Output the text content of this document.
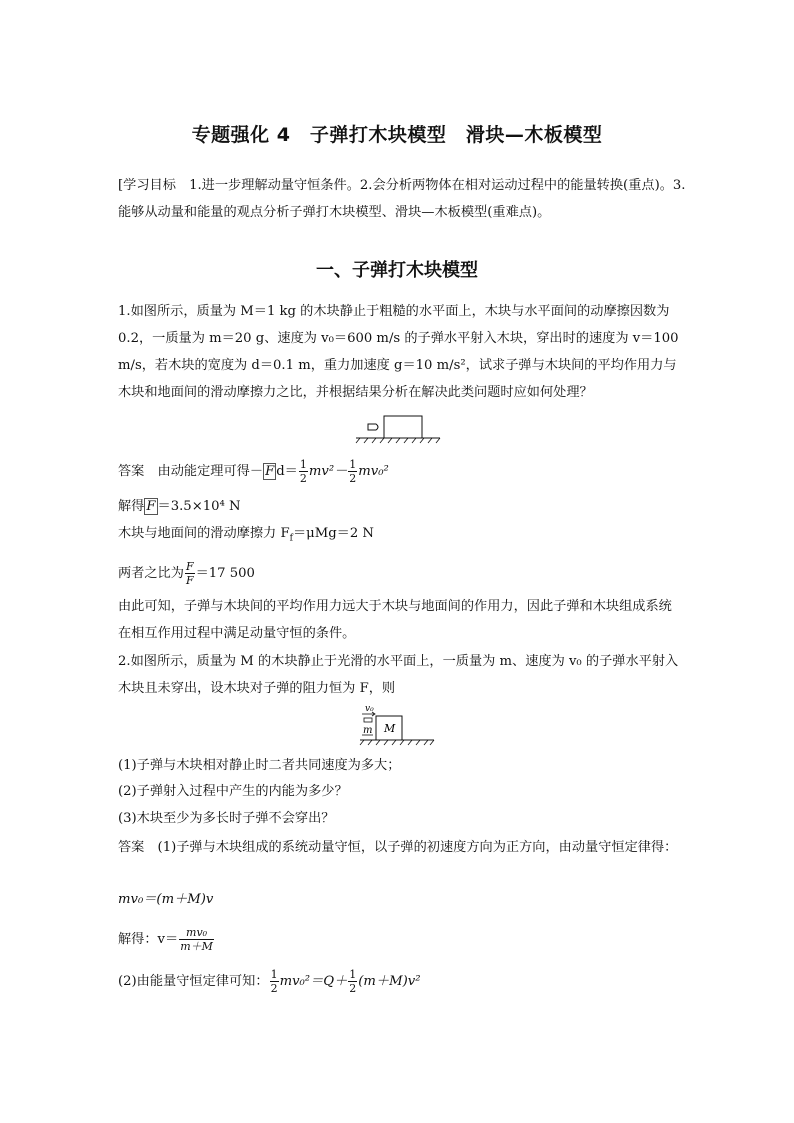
专题强化 4　子弹打木块模型　滑块—木板模型
[学习目标　1.进一步理解动量守恒条件。2.会分析两物体在相对运动过程中的能量转换(重点)。3.能够从动量和能量的观点分析子弹打木块模型、滑块—木板模型(重难点)。
一、子弹打木块模型
1.如图所示，质量为 M＝1 kg 的木块静止于粗糙的水平面上，木块与水平面间的动摩擦因数为 0.2，一质量为 m＝20 g、速度为 v₀＝600 m/s 的子弹水平射入木块，穿出时的速度为 v＝100 m/s，若木块的宽度为 d＝0.1 m，重力加速度 g＝10 m/s²，试求子弹与木块间的平均作用力与木块和地面间的滑动摩擦力之比，并根据结果分析在解决此类问题时应如何处理？
答案　由动能定理可得－ F $d= \frac{1}{2} mv^2- \frac{1}{2} mv_0^2$
解得 F ＝3.5×10⁴ N
木块与地面间的滑动摩擦力 $F_f=\mu Mg=2$ N
两者之比为 $\frac{F}{F} =17$ 500
由此可知，子弹与木块间的平均作用力远大于木块与地面间的作用力，因此子弹和木块组成系统在相互作用过程中满足动量守恒的条件。
2.如图所示，质量为 M 的木块静止于光滑的水平面上，一质量为 m、速度为 v₀ 的子弹水平射入木块且未穿出，设木块对子弹的阻力恒为 F，则
v₀
m M
(1)子弹与木块相对静止时二者共同速度为多大；
(2)子弹射入过程中产生的内能为多少？
(3)木块至少为多长时子弹不会穿出？
答案　(1)子弹与木块组成的系统动量守恒，以子弹的初速度方向为正方向，由动量守恒定律得：
mv₀＝(m＋M)v
解得：$v= \frac{\text{mv₀}}{m+M}$
(2)由能量守恒定律可知： $\frac{1}{2} mv_0^2=Q+ \frac{1}{2} (m+M)v^2$
